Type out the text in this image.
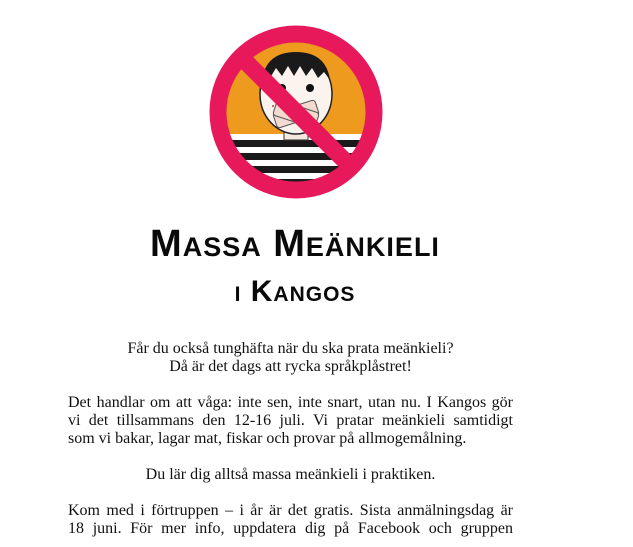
Massa Meänkieli
i Kangos

Får du också tunghäfta när du ska prata meänkieli?
Då är det dags att rycka språkplåstret!

Det handlar om att våga: inte sen, inte snart, utan nu. I Kangos gör
vi det tillsammans den 12-16 juli. Vi pratar meänkieli samtidigt
som vi bakar, lagar mat, fiskar och provar på allmogemålning.

Du lär dig alltså massa meänkieli i praktiken.

Kom med i förtruppen – i år är det gratis. Sista anmälningsdag är
18 juni. För mer info, uppdatera dig på Facebook och gruppen
